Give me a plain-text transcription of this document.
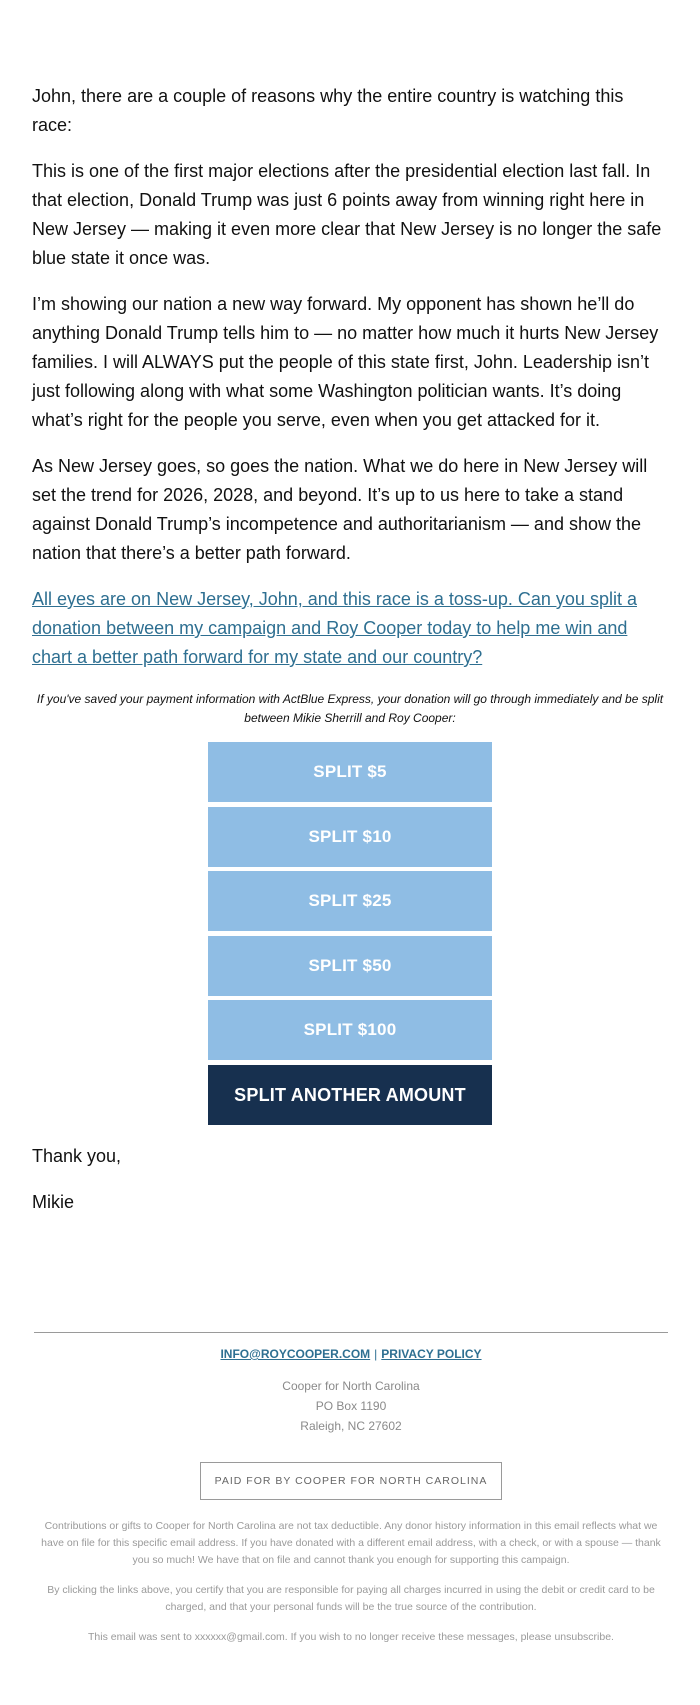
John, there are a couple of reasons why the entire country is watching this race:

This is one of the first major elections after the presidential election last fall. In that election, Donald Trump was just 6 points away from winning right here in New Jersey — making it even more clear that New Jersey is no longer the safe blue state it once was.

I’m showing our nation a new way forward. My opponent has shown he’ll do anything Donald Trump tells him to — no matter how much it hurts New Jersey families. I will ALWAYS put the people of this state first, John. Leadership isn’t just following along with what some Washington politician wants. It’s doing what’s right for the people you serve, even when you get attacked for it.

As New Jersey goes, so goes the nation. What we do here in New Jersey will set the trend for 2026, 2028, and beyond. It’s up to us here to take a stand against Donald Trump’s incompetence and authoritarianism — and show the nation that there’s a better path forward.

All eyes are on New Jersey, John, and this race is a toss-up. Can you split a donation between my campaign and Roy Cooper today to help me win and chart a better path forward for my state and our country?

If you've saved your payment information with ActBlue Express, your donation will go through immediately and be split between Mikie Sherrill and Roy Cooper:

SPLIT $5
SPLIT $10
SPLIT $25
SPLIT $50
SPLIT $100
SPLIT ANOTHER AMOUNT

Thank you,

Mikie

INFO@ROYCOOPER.COM | PRIVACY POLICY
Cooper for North Carolina
PO Box 1190
Raleigh, NC 27602
PAID FOR BY COOPER FOR NORTH CAROLINA
Contributions or gifts to Cooper for North Carolina are not tax deductible. Any donor history information in this email reflects what we have on file for this specific email address. If you have donated with a different email address, with a check, or with a spouse — thank you so much! We have that on file and cannot thank you enough for supporting this campaign.
By clicking the links above, you certify that you are responsible for paying all charges incurred in using the debit or credit card to be charged, and that your personal funds will be the true source of the contribution.
This email was sent to xxxxxx@gmail.com. If you wish to no longer receive these messages, please unsubscribe.
